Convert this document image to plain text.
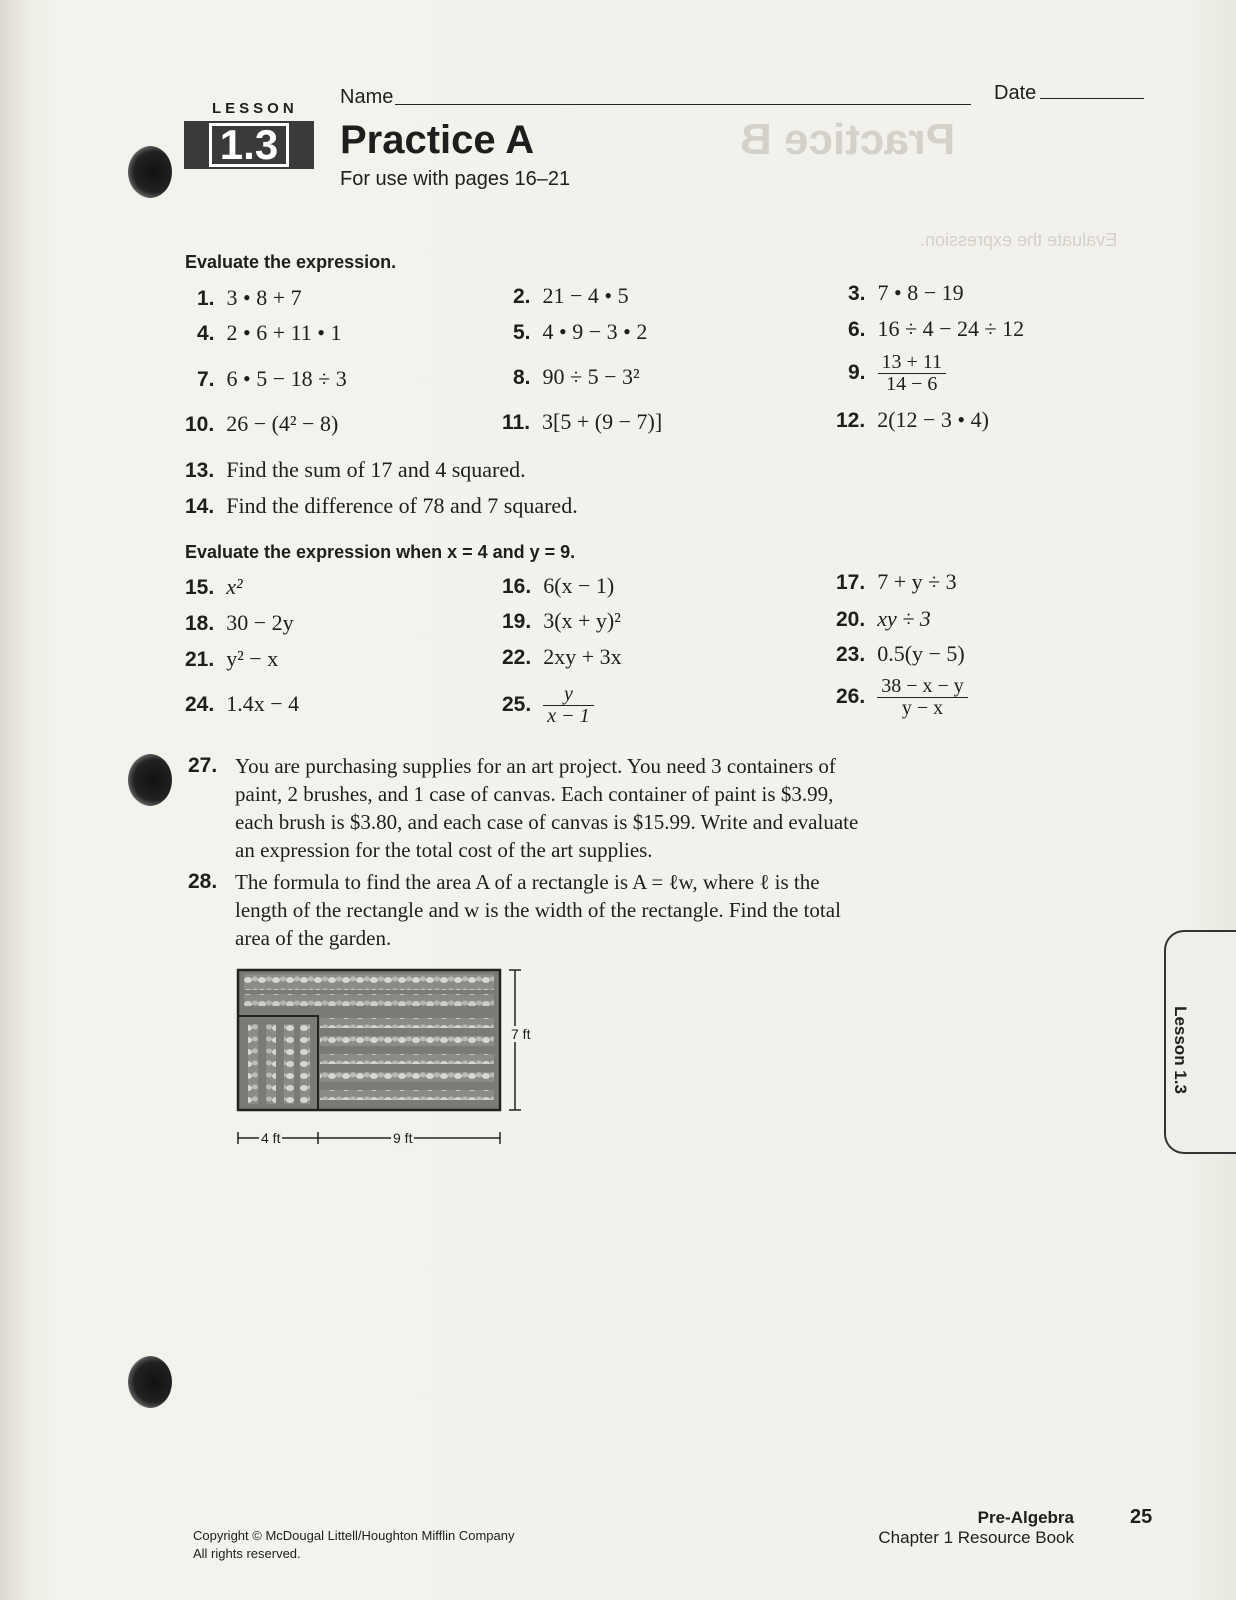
Practice B
Evaluate the expression.
LESSON
1.3
Name	Date
Practice A
For use with pages 16–21
Evaluate the expression.
1. 3 • 8 + 7	2. 21 − 4 • 5	3. 7 • 8 − 19
4. 2 • 6 + 11 • 1	5. 4 • 9 − 3 • 2	6. 16 ÷ 4 − 24 ÷ 12
7. 6 • 5 − 18 ÷ 3	8. 90 ÷ 5 − 3²	9. $\frac{13 + 11}{14 - 6}$
10. 26 − (4² − 8)	11. 3[5 + (9 − 7)]	12. 2(12 − 3 • 4)
13. Find the sum of 17 and 4 squared.
14. Find the difference of 78 and 7 squared.
Evaluate the expression when x = 4 and y = 9.
15. x²	16. 6(x − 1)	17. 7 + y ÷ 3
18. 30 − 2y	19. 3(x + y)²	20. xy ÷ 3
21. y² − x	22. 2xy + 3x	23. 0.5(y − 5)
24. 1.4x − 4	25. $\frac{y}{x - 1}$	26. $\frac{38 - x - y}{y - x}$
27. You are purchasing supplies for an art project. You need 3 containers of
paint, 2 brushes, and 1 case of canvas. Each container of paint is $3.99,
each brush is $3.80, and each case of canvas is $15.99. Write and evaluate
an expression for the total cost of the art supplies.
28. The formula to find the area A of a rectangle is A = ℓw, where ℓ is the
length of the rectangle and w is the width of the rectangle. Find the total
area of the garden.
7 ft
4 ft	9 ft
Lesson 1.3
Copyright © McDougal Littell/Houghton Mifflin Company
All rights reserved.
Pre-Algebra
Chapter 1 Resource Book
25
